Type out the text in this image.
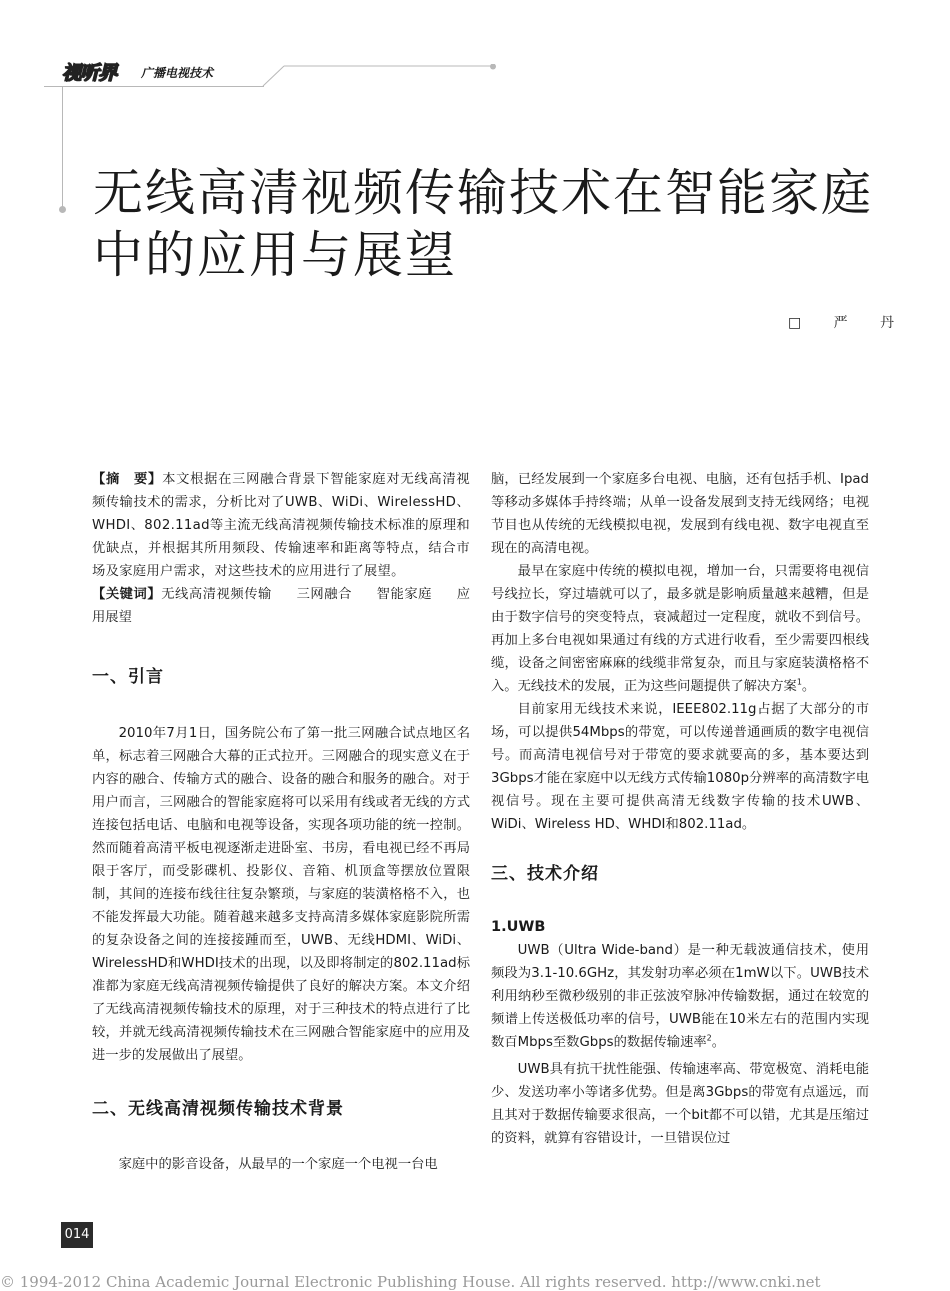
视听界 广播电视技术
无线高清视频传输技术在智能家庭
中的应用与展望
□ 严 丹

【摘　要】本文根据在三网融合背景下智能家庭对无线高清视频传输技术的需求，分析比对了UWB、WiDi、WirelessHD、WHDI、802.11ad等主流无线高清视频传输技术标准的原理和优缺点，并根据其所用频段、传输速率和距离等特点，结合市场及家庭用户需求，对这些技术的应用进行了展望。

【关键词】无线高清视频传输 三网融合 智能家庭 应用展望

一、引言

2010年7月1日，国务院公布了第一批三网融合试点地区名单，标志着三网融合大幕的正式拉开。三网融合的现实意义在于内容的融合、传输方式的融合、设备的融合和服务的融合。对于用户而言，三网融合的智能家庭将可以采用有线或者无线的方式连接包括电话、电脑和电视等设备，实现各项功能的统一控制。然而随着高清平板电视逐渐走进卧室、书房，看电视已经不再局限于客厅，而受影碟机、投影仪、音箱、机顶盒等摆放位置限制，其间的连接布线往往复杂繁琐，与家庭的装潢格格不入，也不能发挥最大功能。随着越来越多支持高清多媒体家庭影院所需的复杂设备之间的连接接踵而至，UWB、无线HDMI、WiDi、WirelessHD和WHDI技术的出现，以及即将制定的802.11ad标准都为家庭无线高清视频传输提供了良好的解决方案。本文介绍了无线高清视频传输技术的原理，对于三种技术的特点进行了比较，并就无线高清视频传输技术在三网融合智能家庭中的应用及进一步的发展做出了展望。

二、无线高清视频传输技术背景

家庭中的影音设备，从最早的一个家庭一个电视一台电

脑，已经发展到一个家庭多台电视、电脑，还有包括手机、Ipad等移动多媒体手持终端；从单一设备发展到支持无线网络；电视节目也从传统的无线模拟电视，发展到有线电视、数字电视直至现在的高清电视。

最早在家庭中传统的模拟电视，增加一台，只需要将电视信号线拉长，穿过墙就可以了，最多就是影响质量越来越糟，但是由于数字信号的突变特点，衰减超过一定程度，就收不到信号。再加上多台电视如果通过有线的方式进行收看，至少需要四根线缆，设备之间密密麻麻的线缆非常复杂，而且与家庭装潢格格不入。无线技术的发展，正为这些问题提供了解决方案$^1$。

目前家用无线技术来说，IEEE802.11g占据了大部分的市场，可以提供54Mbps的带宽，可以传递普通画质的数字电视信号。而高清电视信号对于带宽的要求就要高的多，基本要达到3Gbps才能在家庭中以无线方式传输1080p分辨率的高清数字电视信号。现在主要可提供高清无线数字传输的技术UWB、WiDi、Wireless HD、WHDI和802.11ad。

三、技术介绍
1.UWB

UWB（Ultra Wide-band）是一种无载波通信技术，使用频段为3.1-10.6GHz，其发射功率必须在1mW以下。UWB技术利用纳秒至微秒级别的非正弦波窄脉冲传输数据，通过在较宽的频谱上传送极低功率的信号，UWB能在10米左右的范围内实现数百Mbps至数Gbps的数据传输速率$^2$。

UWB具有抗干扰性能强、传输速率高、带宽极宽、消耗电能少、发送功率小等诸多优势。但是离3Gbps的带宽有点遥远，而且其对于数据传输要求很高，一个bit都不可以错，尤其是压缩过的资料，就算有容错设计，一旦错误位过

014
© 1994-2012 China Academic Journal Electronic Publishing House. All rights reserved. http://www.cnki.net
